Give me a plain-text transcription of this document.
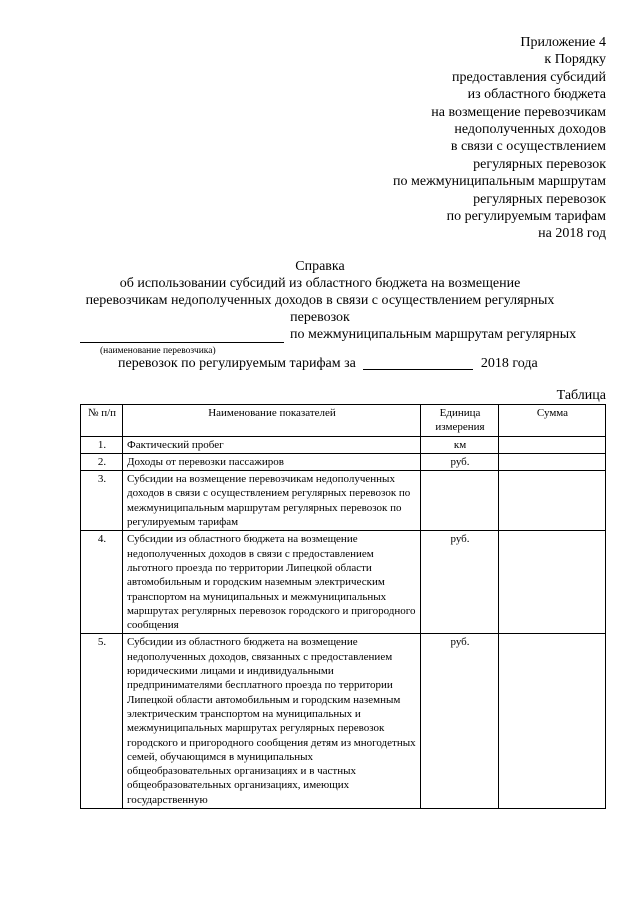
Приложение 4
к Порядку
предоставления субсидий
из областного бюджета
на возмещение перевозчикам
недополученных доходов
в связи с осуществлением
регулярных перевозок
по межмуниципальным маршрутам
регулярных перевозок
по регулируемым тарифам
на 2018 год
Справка
об использовании субсидий из областного бюджета на возмещение
перевозчикам недополученных доходов в связи с осуществлением регулярных
перевозок
по межмуниципальным маршрутам регулярных
(наименование перевозчика)
перевозок по регулируемым тарифам за	2018 года
Таблица
№ п/п	Наименование показателей	Единица измерения	Сумма
1.	Фактический пробег	км	
2.	Доходы от перевозки пассажиров	руб.	
3.	Субсидии на возмещение перевозчикам недополученных доходов в связи с осуществлением регулярных перевозок по межмуниципальным маршрутам регулярных перевозок по регулируемым тарифам		
4.	Субсидии из областного бюджета на возмещение недополученных доходов в связи с предоставлением льготного проезда по территории Липецкой области автомобильным и городским наземным электрическим транспортом на муниципальных и межмуниципальных маршрутах регулярных перевозок городского и пригородного сообщения	руб.	
5.	Субсидии из областного бюджета на возмещение недополученных доходов, связанных с предоставлением юридическими лицами и индивидуальными предпринимателями бесплатного проезда по территории Липецкой области автомобильным и городским наземным электрическим транспортом на муниципальных и межмуниципальных маршрутах регулярных перевозок городского и пригородного сообщения детям из многодетных семей, обучающимся в муниципальных общеобразовательных организациях и в частных общеобразовательных организациях, имеющих государственную	руб.	
